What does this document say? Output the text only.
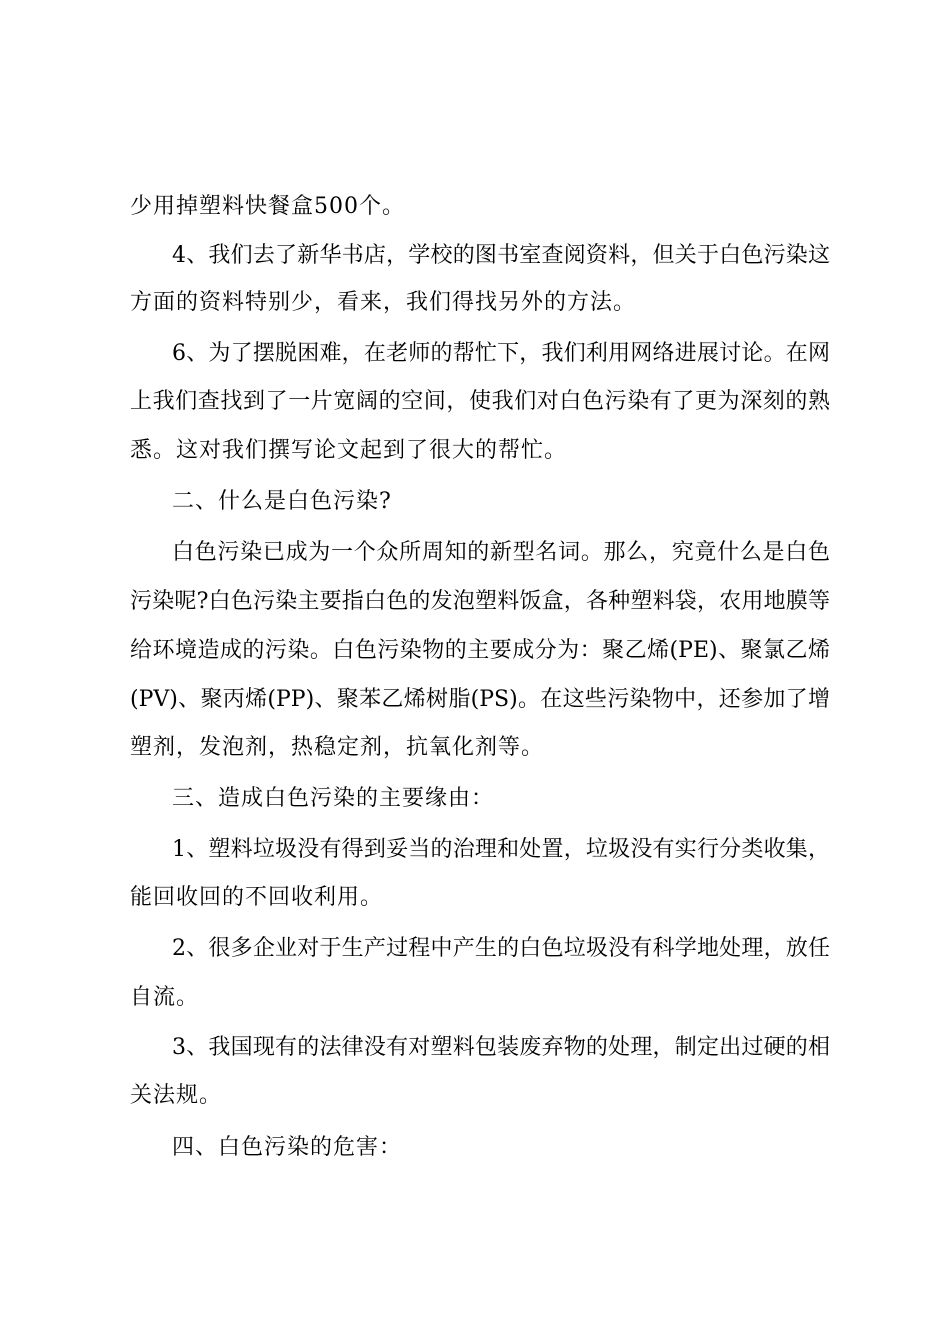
少用掉塑料快餐盒500个。
4、我们去了新华书店，学校的图书室查阅资料，但关于白色污染这
方面的资料特别少，看来，我们得找另外的方法。
6、为了摆脱困难，在老师的帮忙下，我们利用网络进展讨论。在网
上我们查找到了一片宽阔的空间，使我们对白色污染有了更为深刻的熟
悉。这对我们撰写论文起到了很大的帮忙。
二、什么是白色污染?
白色污染已成为一个众所周知的新型名词。那么，究竟什么是白色
污染呢?白色污染主要指白色的发泡塑料饭盒，各种塑料袋，农用地膜等
给环境造成的污染。白色污染物的主要成分为：聚乙烯(PE)、聚氯乙烯
(PV)、聚丙烯(PP)、聚苯乙烯树脂(PS)。在这些污染物中，还参加了增
塑剂，发泡剂，热稳定剂，抗氧化剂等。
三、造成白色污染的主要缘由：
1、塑料垃圾没有得到妥当的治理和处置，垃圾没有实行分类收集，
能回收回的不回收利用。
2、很多企业对于生产过程中产生的白色垃圾没有科学地处理，放任
自流。
3、我国现有的法律没有对塑料包装废弃物的处理，制定出过硬的相
关法规。
四、白色污染的危害：
